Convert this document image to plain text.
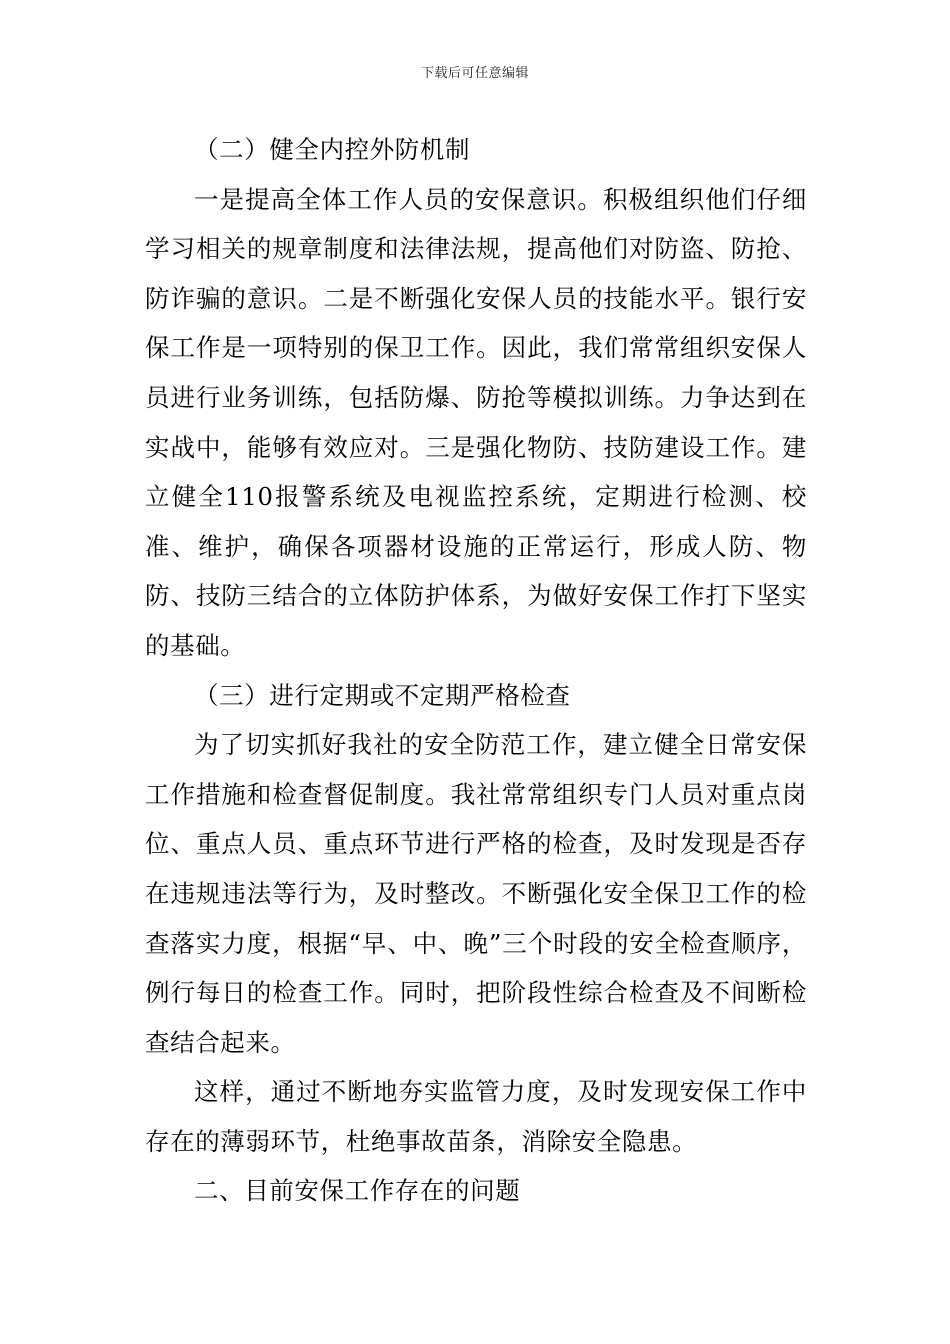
下载后可任意编辑

（二）健全内控外防机制

一是提高全体工作人员的安保意识。积极组织他们仔细学习相关的规章制度和法律法规，提高他们对防盗、防抢、防诈骗的意识。二是不断强化安保人员的技能水平。银行安保工作是一项特别的保卫工作。因此，我们常常组织安保人员进行业务训练，包括防爆、防抢等模拟训练。力争达到在实战中，能够有效应对。三是强化物防、技防建设工作。建立健全110报警系统及电视监控系统，定期进行检测、校准、维护，确保各项器材设施的正常运行，形成人防、物防、技防三结合的立体防护体系，为做好安保工作打下坚实的基础。

（三）进行定期或不定期严格检查

为了切实抓好我社的安全防范工作，建立健全日常安保工作措施和检查督促制度。我社常常组织专门人员对重点岗位、重点人员、重点环节进行严格的检查，及时发现是否存在违规违法等行为，及时整改。不断强化安全保卫工作的检查落实力度，根据“早、中、晚”三个时段的安全检查顺序，例行每日的检查工作。同时，把阶段性综合检查及不间断检查结合起来。

这样，通过不断地夯实监管力度，及时发现安保工作中存在的薄弱环节，杜绝事故苗条，消除安全隐患。

二、目前安保工作存在的问题
